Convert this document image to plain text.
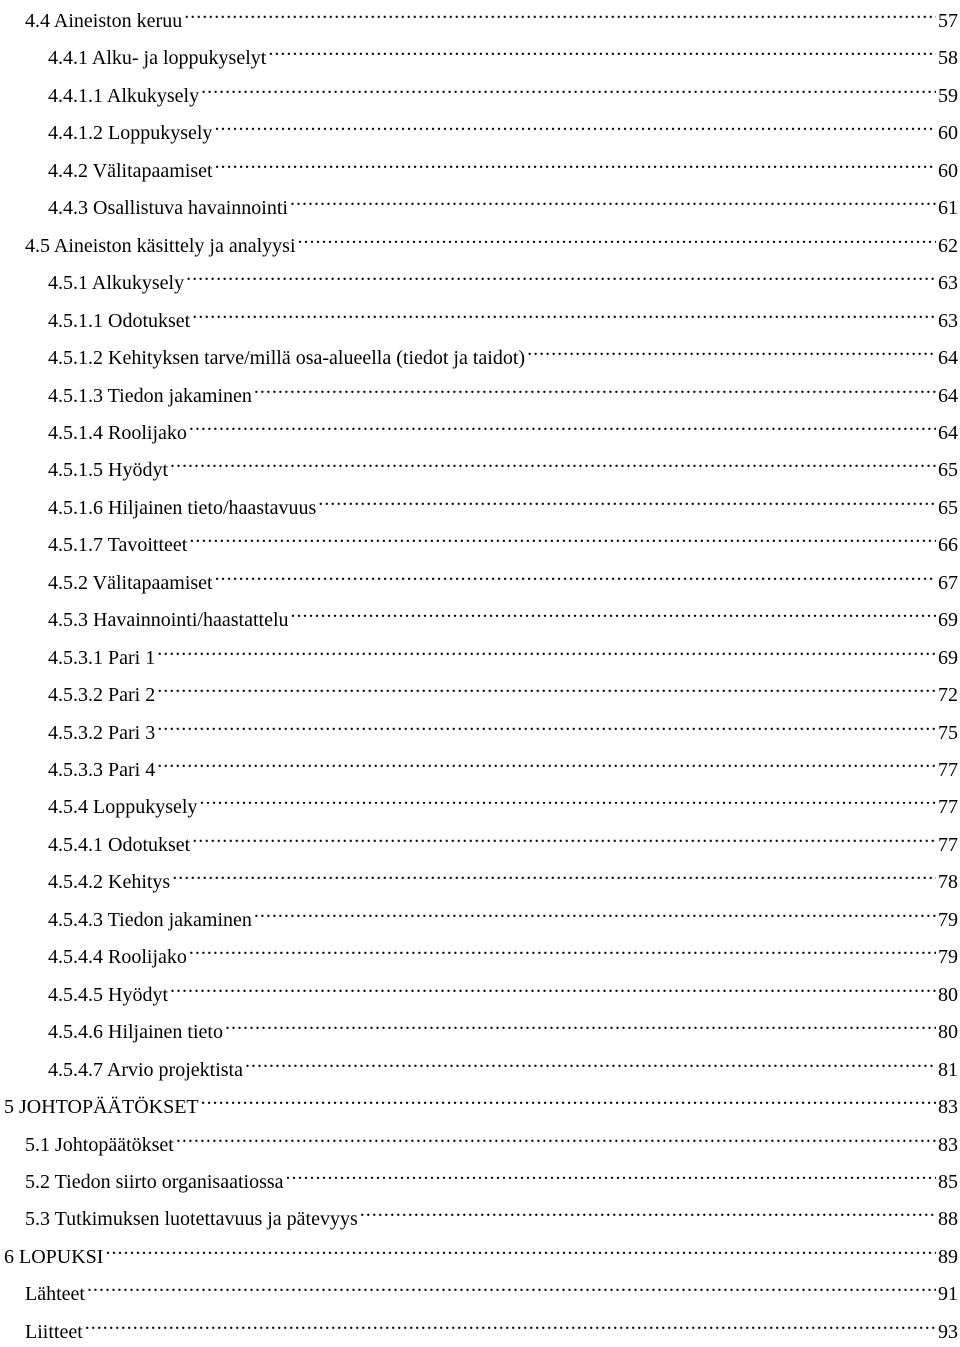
4.4 Aineiston keruu . . .	57
4.4.1 Alku- ja loppukyselyt . . .	58
4.4.1.1 Alkukysely . . .	59
4.4.1.2 Loppukysely . . .	60
4.4.2 Välitapaamiset . . .	60
4.4.3 Osallistuva havainnointi . . .	61
4.5 Aineiston käsittely ja analyysi . . .	62
4.5.1 Alkukysely . . .	63
4.5.1.1 Odotukset . . .	63
4.5.1.2 Kehityksen tarve/millä osa-alueella (tiedot ja taidot) . . .	64
4.5.1.3 Tiedon jakaminen . . .	64
4.5.1.4 Roolijako . . .	64
4.5.1.5 Hyödyt . . .	65
4.5.1.6 Hiljainen tieto/haastavuus . . .	65
4.5.1.7 Tavoitteet . . .	66
4.5.2 Välitapaamiset . . .	67
4.5.3 Havainnointi/haastattelu . . .	69
4.5.3.1 Pari 1 . . .	69
4.5.3.2 Pari 2 . . .	72
4.5.3.2 Pari 3 . . .	75
4.5.3.3 Pari 4 . . .	77
4.5.4 Loppukysely . . .	77
4.5.4.1 Odotukset . . .	77
4.5.4.2 Kehitys . . .	78
4.5.4.3 Tiedon jakaminen . . .	79
4.5.4.4 Roolijako . . .	79
4.5.4.5 Hyödyt . . .	80
4.5.4.6 Hiljainen tieto . . .	80
4.5.4.7 Arvio projektista . . .	81
5 JOHTOPÄÄTÖKSET . . .	83
5.1 Johtopäätökset . . .	83
5.2 Tiedon siirto organisaatiossa . . .	85
5.3 Tutkimuksen luotettavuus ja pätevyys . . .	88
6 LOPUKSI . . .	89
Lähteet . . .	91
Liitteet . . .	93
